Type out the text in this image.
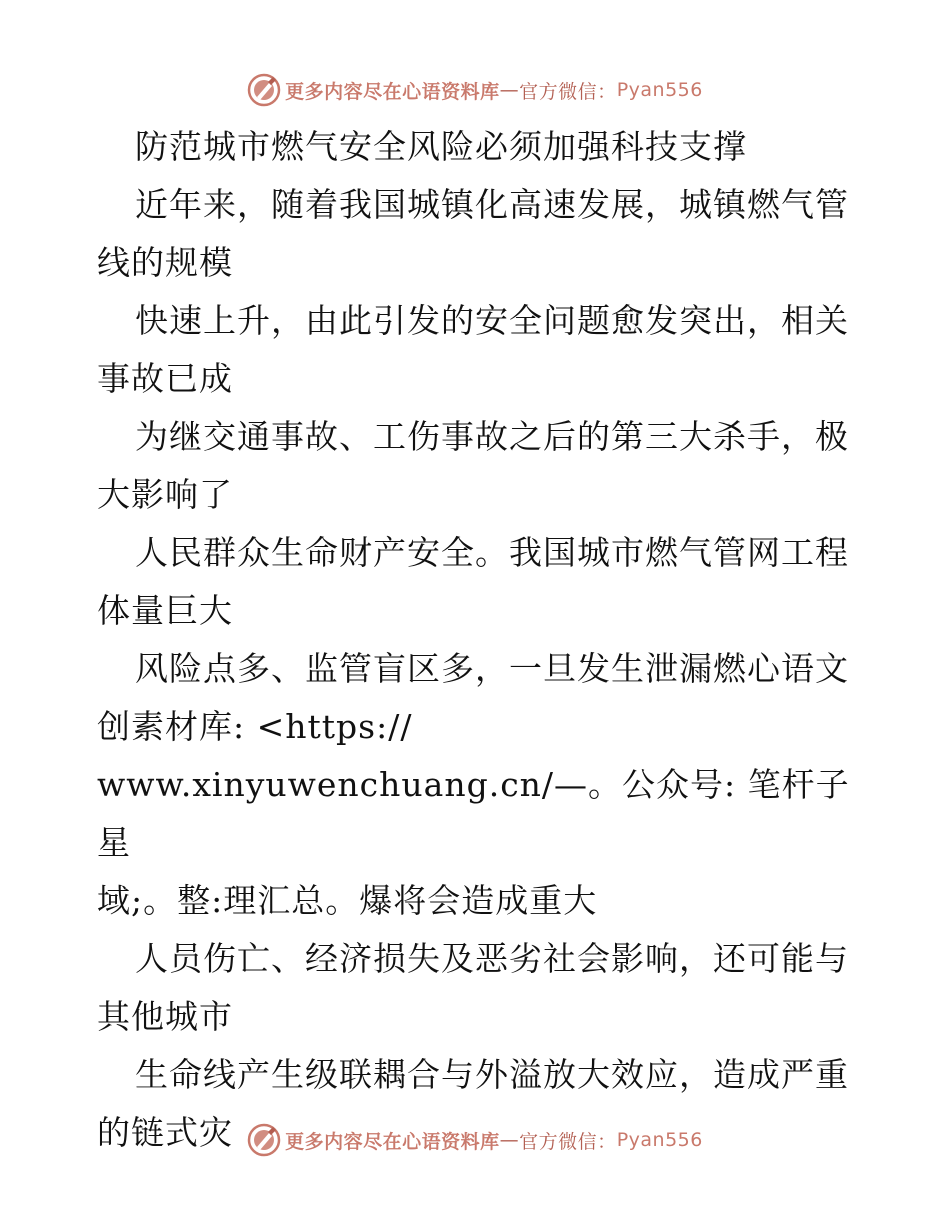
更多内容尽在心语资料库 — 官方微信： Pyan556

防范城市燃气安全风险必须加强科技支撑

近年来，随着我国城镇化高速发展，城镇燃气管

线的规模

快速上升，由此引发的安全问题愈发突出，相关

事故已成

为继交通事故、工伤事故之后的第三大杀手，极

大影响了

人民群众生命财产安全。我国城市燃气管网工程

体量巨大

风险点多、监管盲区多，一旦发生泄漏燃心语文

创素材库: <https://

www.xinyuwenchuang.cn/—。公众号: 笔杆子星

域;。整:理汇总。爆将会造成重大

人员伤亡、经济损失及恶劣社会影响，还可能与

其他城市

生命线产生级联耦合与外溢放大效应，造成严重

的链式灾	更多内容尽在心语资料库 — 官方微信： Pyan556
